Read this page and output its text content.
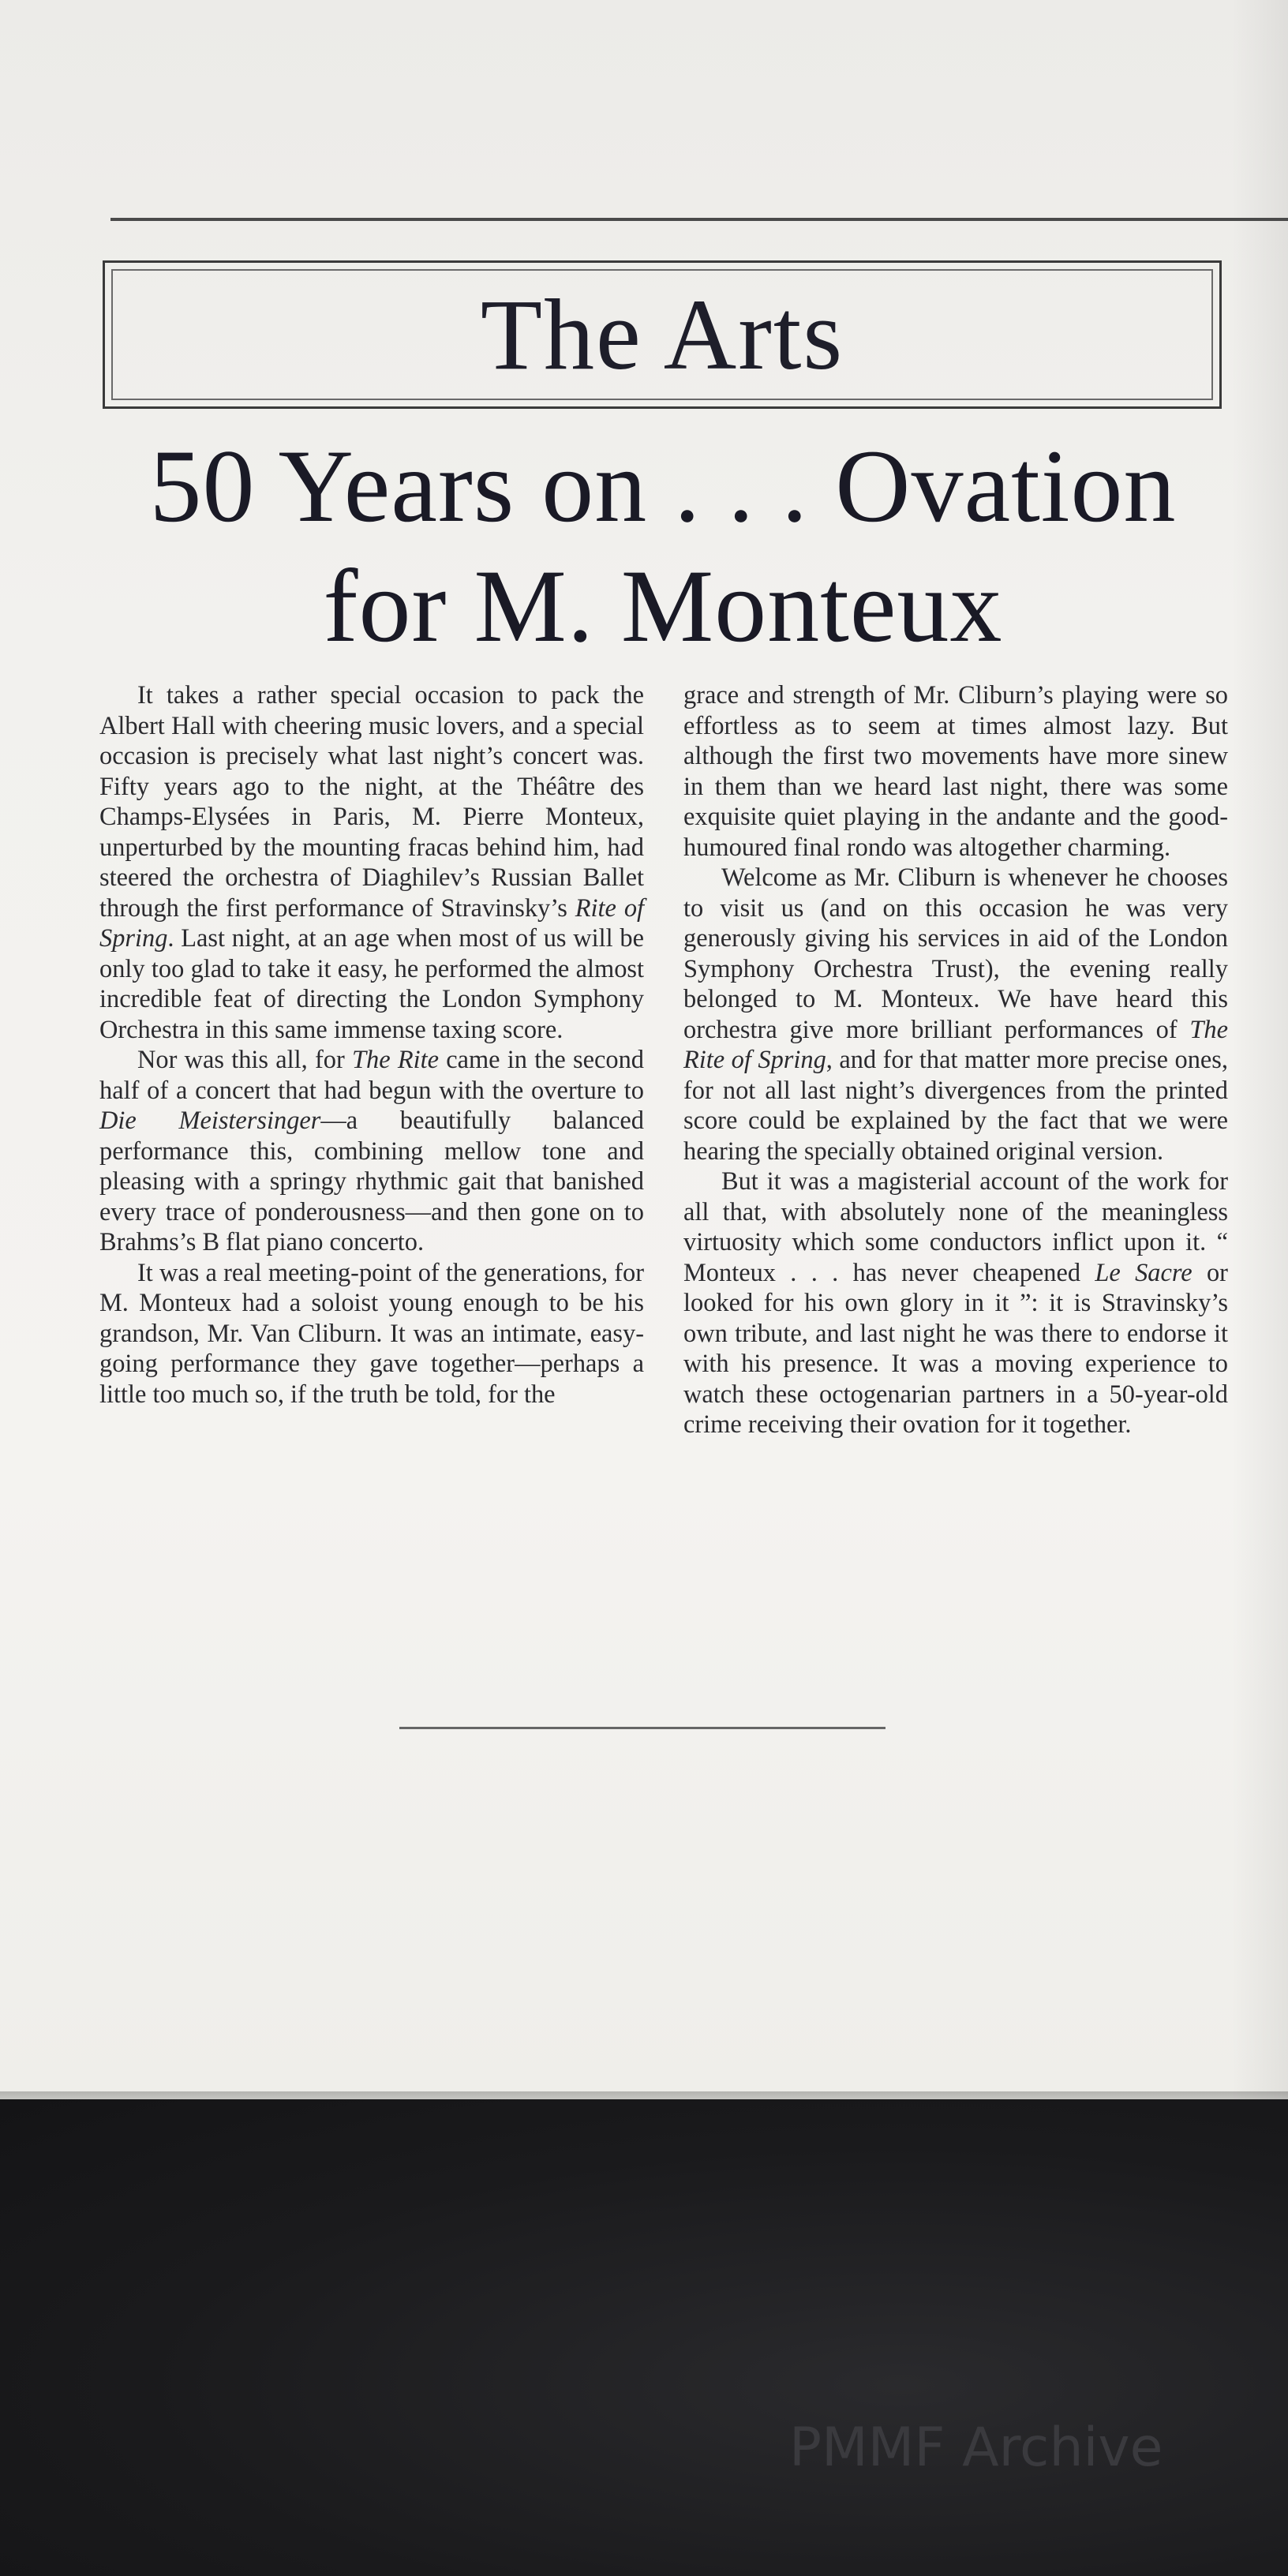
The Arts
50 Years on . . . Ovation for M. Monteux

It takes a rather special occasion to pack the Albert Hall with cheering music lovers, and a special occasion is precisely what last night’s concert was. Fifty years ago to the night, at the Théâtre des Champs-Elysées in Paris, M. Pierre Monteux, unperturbed by the mounting fracas behind him, had steered the orchestra of Diaghilev’s Russian Ballet through the first performance of Stravinsky’s Rite of Spring. Last night, at an age when most of us will be only too glad to take it easy, he performed the almost incredible feat of directing the London Symphony Orchestra in this same immense taxing score.

Nor was this all, for The Rite came in the second half of a concert that had begun with the overture to Die Meistersinger—a beautifully balanced performance this, combining mellow tone and pleasing with a springy rhythmic gait that banished every trace of ponderousness—and then gone on to Brahms’s B flat piano concerto.

It was a real meeting-point of the generations, for M. Monteux had a soloist young enough to be his grandson, Mr. Van Cliburn. It was an intimate, easy-going performance they gave together—perhaps a little too much so, if the truth be told, for the

grace and strength of Mr. Cliburn’s playing were so effortless as to seem at times almost lazy. But although the first two movements have more sinew in them than we heard last night, there was some exquisite quiet playing in the andante and the good-humoured final rondo was altogether charming.

Welcome as Mr. Cliburn is whenever he chooses to visit us (and on this occasion he was very generously giving his services in aid of the London Symphony Orchestra Trust), the evening really belonged to M. Monteux. We have heard this orchestra give more brilliant performances of The Rite of Spring, and for that matter more precise ones, for not all last night’s divergences from the printed score could be explained by the fact that we were hearing the specially obtained original version.

But it was a magisterial account of the work for all that, with absolutely none of the meaningless virtuosity which some conductors inflict upon it. “ Monteux . . . has never cheapened Le Sacre or looked for his own glory in it ”: it is Stravinsky’s own tribute, and last night he was there to endorse it with his presence. It was a moving experience to watch these octogenarian partners in a 50-year-old crime receiving their ovation for it together.

PMMF Archive
